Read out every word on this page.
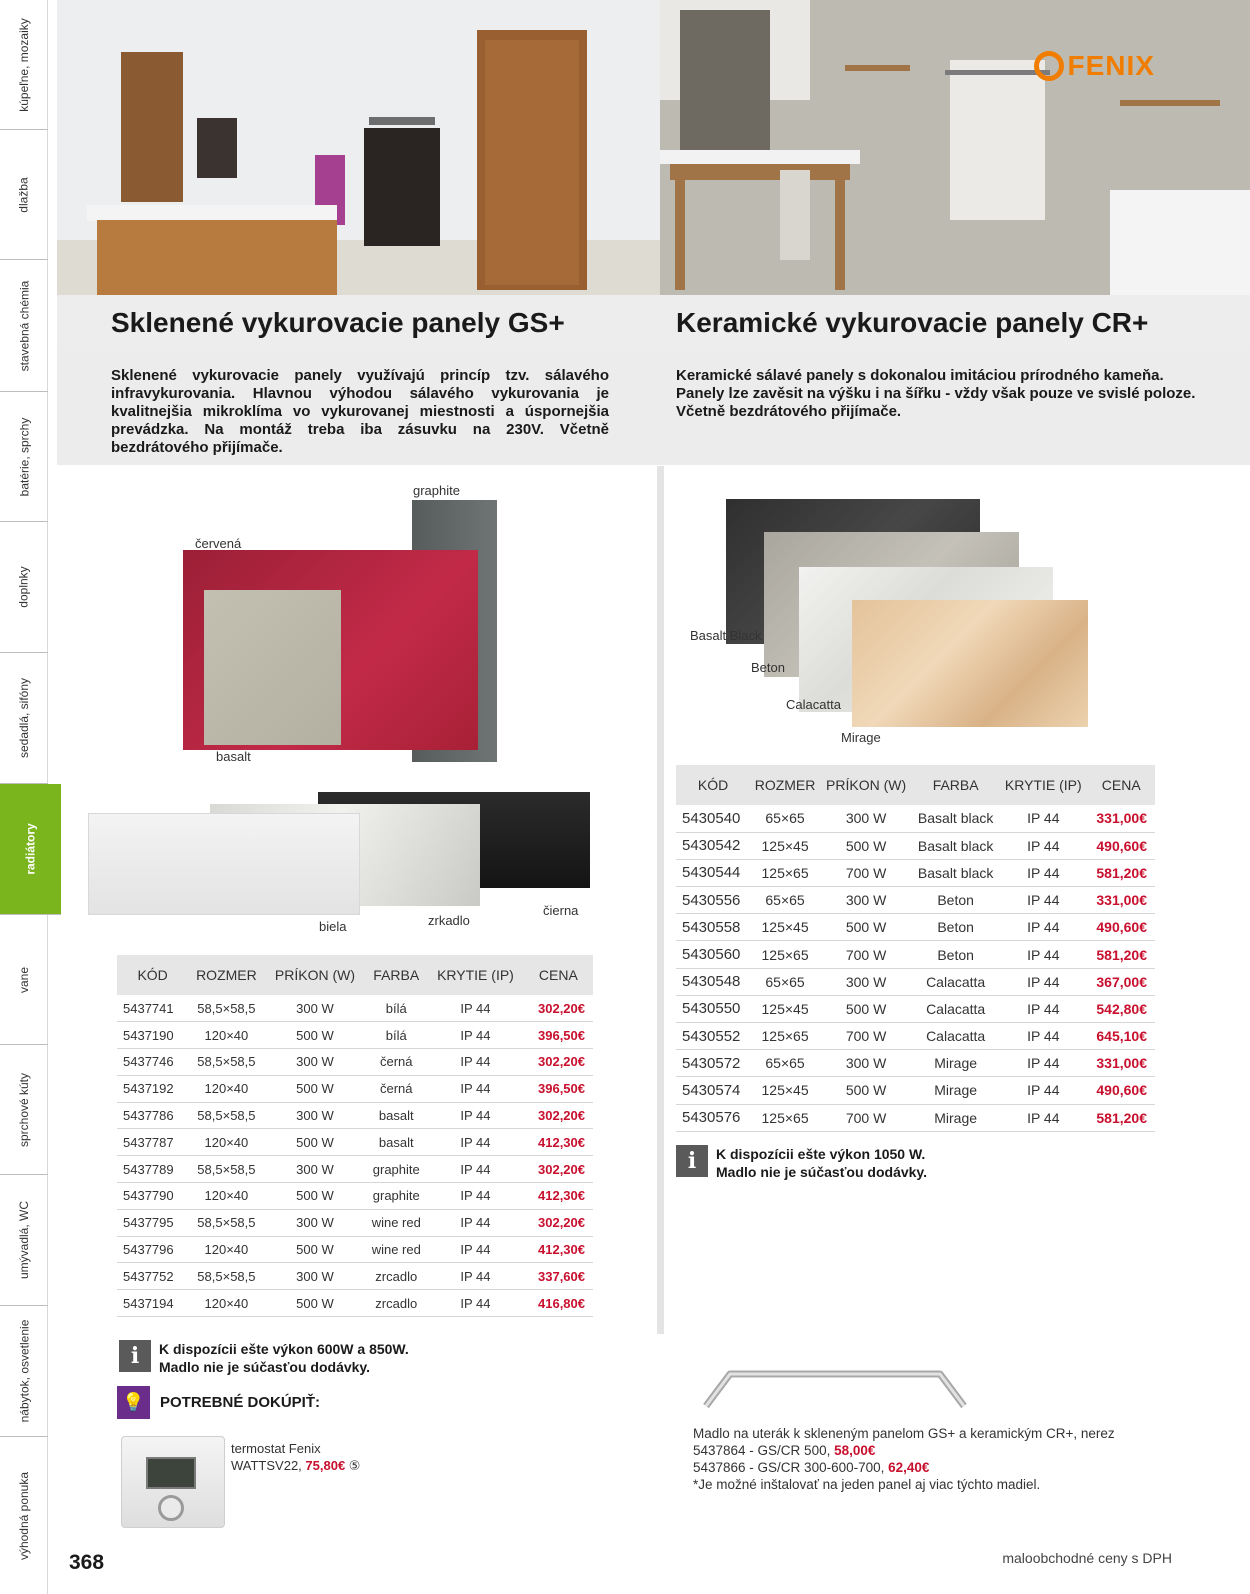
kúpeľne, mozaiky
dlažba
stavebná chémia
batérie, sprchy
doplnky
sedadlá, sifóny
radiátory
vane
sprchové kúty
umývadlá, WC
nábytok, osvetlenie
výhodná ponuka
FENIX
Sklenené vykurovacie panely GS+	Keramické vykurovacie panely CR+

Sklenené vykurovacie panely využívajú princíp tzv. sálavého infravykurovania. Hlavnou výhodou sálavého vykurovania je kvalitnejšia mikroklíma vo vykurovanej miestnosti a úspornejšia prevádzka. Na montáž treba iba zásuvku na 230V. Včetně bezdrátového přijímače.

Keramické sálavé panely s dokonalou imitáciou prírodného kameňa.
Panely lze zavěsit na výšku i na šířku - vždy však pouze ve svislé poloze.
Včetně bezdrátového přijímače.
graphite
červená
basalt
biela	zrkadlo
čierna
Basalt Black
Beton
Calacatta
Mirage
KÓD	ROZMER	PRÍKON (W)	FARBA	KRYTIE (IP)	CENA
5437741	58,5×58,5	300 W	bílá	IP 44	302,20€
5437190	120×40	500 W	bílá	IP 44	396,50€
5437746	58,5×58,5	300 W	černá	IP 44	302,20€
5437192	120×40	500 W	černá	IP 44	396,50€
5437786	58,5×58,5	300 W	basalt	IP 44	302,20€
5437787	120×40	500 W	basalt	IP 44	412,30€
5437789	58,5×58,5	300 W	graphite	IP 44	302,20€
5437790	120×40	500 W	graphite	IP 44	412,30€
5437795	58,5×58,5	300 W	wine red	IP 44	302,20€
5437796	120×40	500 W	wine red	IP 44	412,30€
5437752	58,5×58,5	300 W	zrcadlo	IP 44	337,60€
5437194	120×40	500 W	zrcadlo	IP 44	416,80€
KÓD	ROZMER	PRÍKON (W)	FARBA	KRYTIE (IP)	CENA
5430540	65×65	300 W	Basalt black	IP 44	331,00€
5430542	125×45	500 W	Basalt black	IP 44	490,60€
5430544	125×65	700 W	Basalt black	IP 44	581,20€
5430556	65×65	300 W	Beton	IP 44	331,00€
5430558	125×45	500 W	Beton	IP 44	490,60€
5430560	125×65	700 W	Beton	IP 44	581,20€
5430548	65×65	300 W	Calacatta	IP 44	367,00€
5430550	125×45	500 W	Calacatta	IP 44	542,80€
5430552	125×65	700 W	Calacatta	IP 44	645,10€
5430572	65×65	300 W	Mirage	IP 44	331,00€
5430574	125×45	500 W	Mirage	IP 44	490,60€
5430576	125×65	700 W	Mirage	IP 44	581,20€
i	K dispozícii ešte výkon 1050 W.
Madlo nie je súčasťou dodávky.
i	K dispozícii ešte výkon 600W a 850W.
Madlo nie je súčasťou dodávky.
💡	POTREBNÉ DOKÚPIŤ:
termostat Fenix
WATTSV22, 75,80€ ⑤
Madlo na uterák k skleneným panelom GS+ a keramickým CR+, nerez
5437864 - GS/CR 500, 58,00€
5437866 - GS/CR 300-600-700, 62,40€
*Je možné inštalovať na jeden panel aj viac týchto madiel.
368	maloobchodné ceny s DPH
